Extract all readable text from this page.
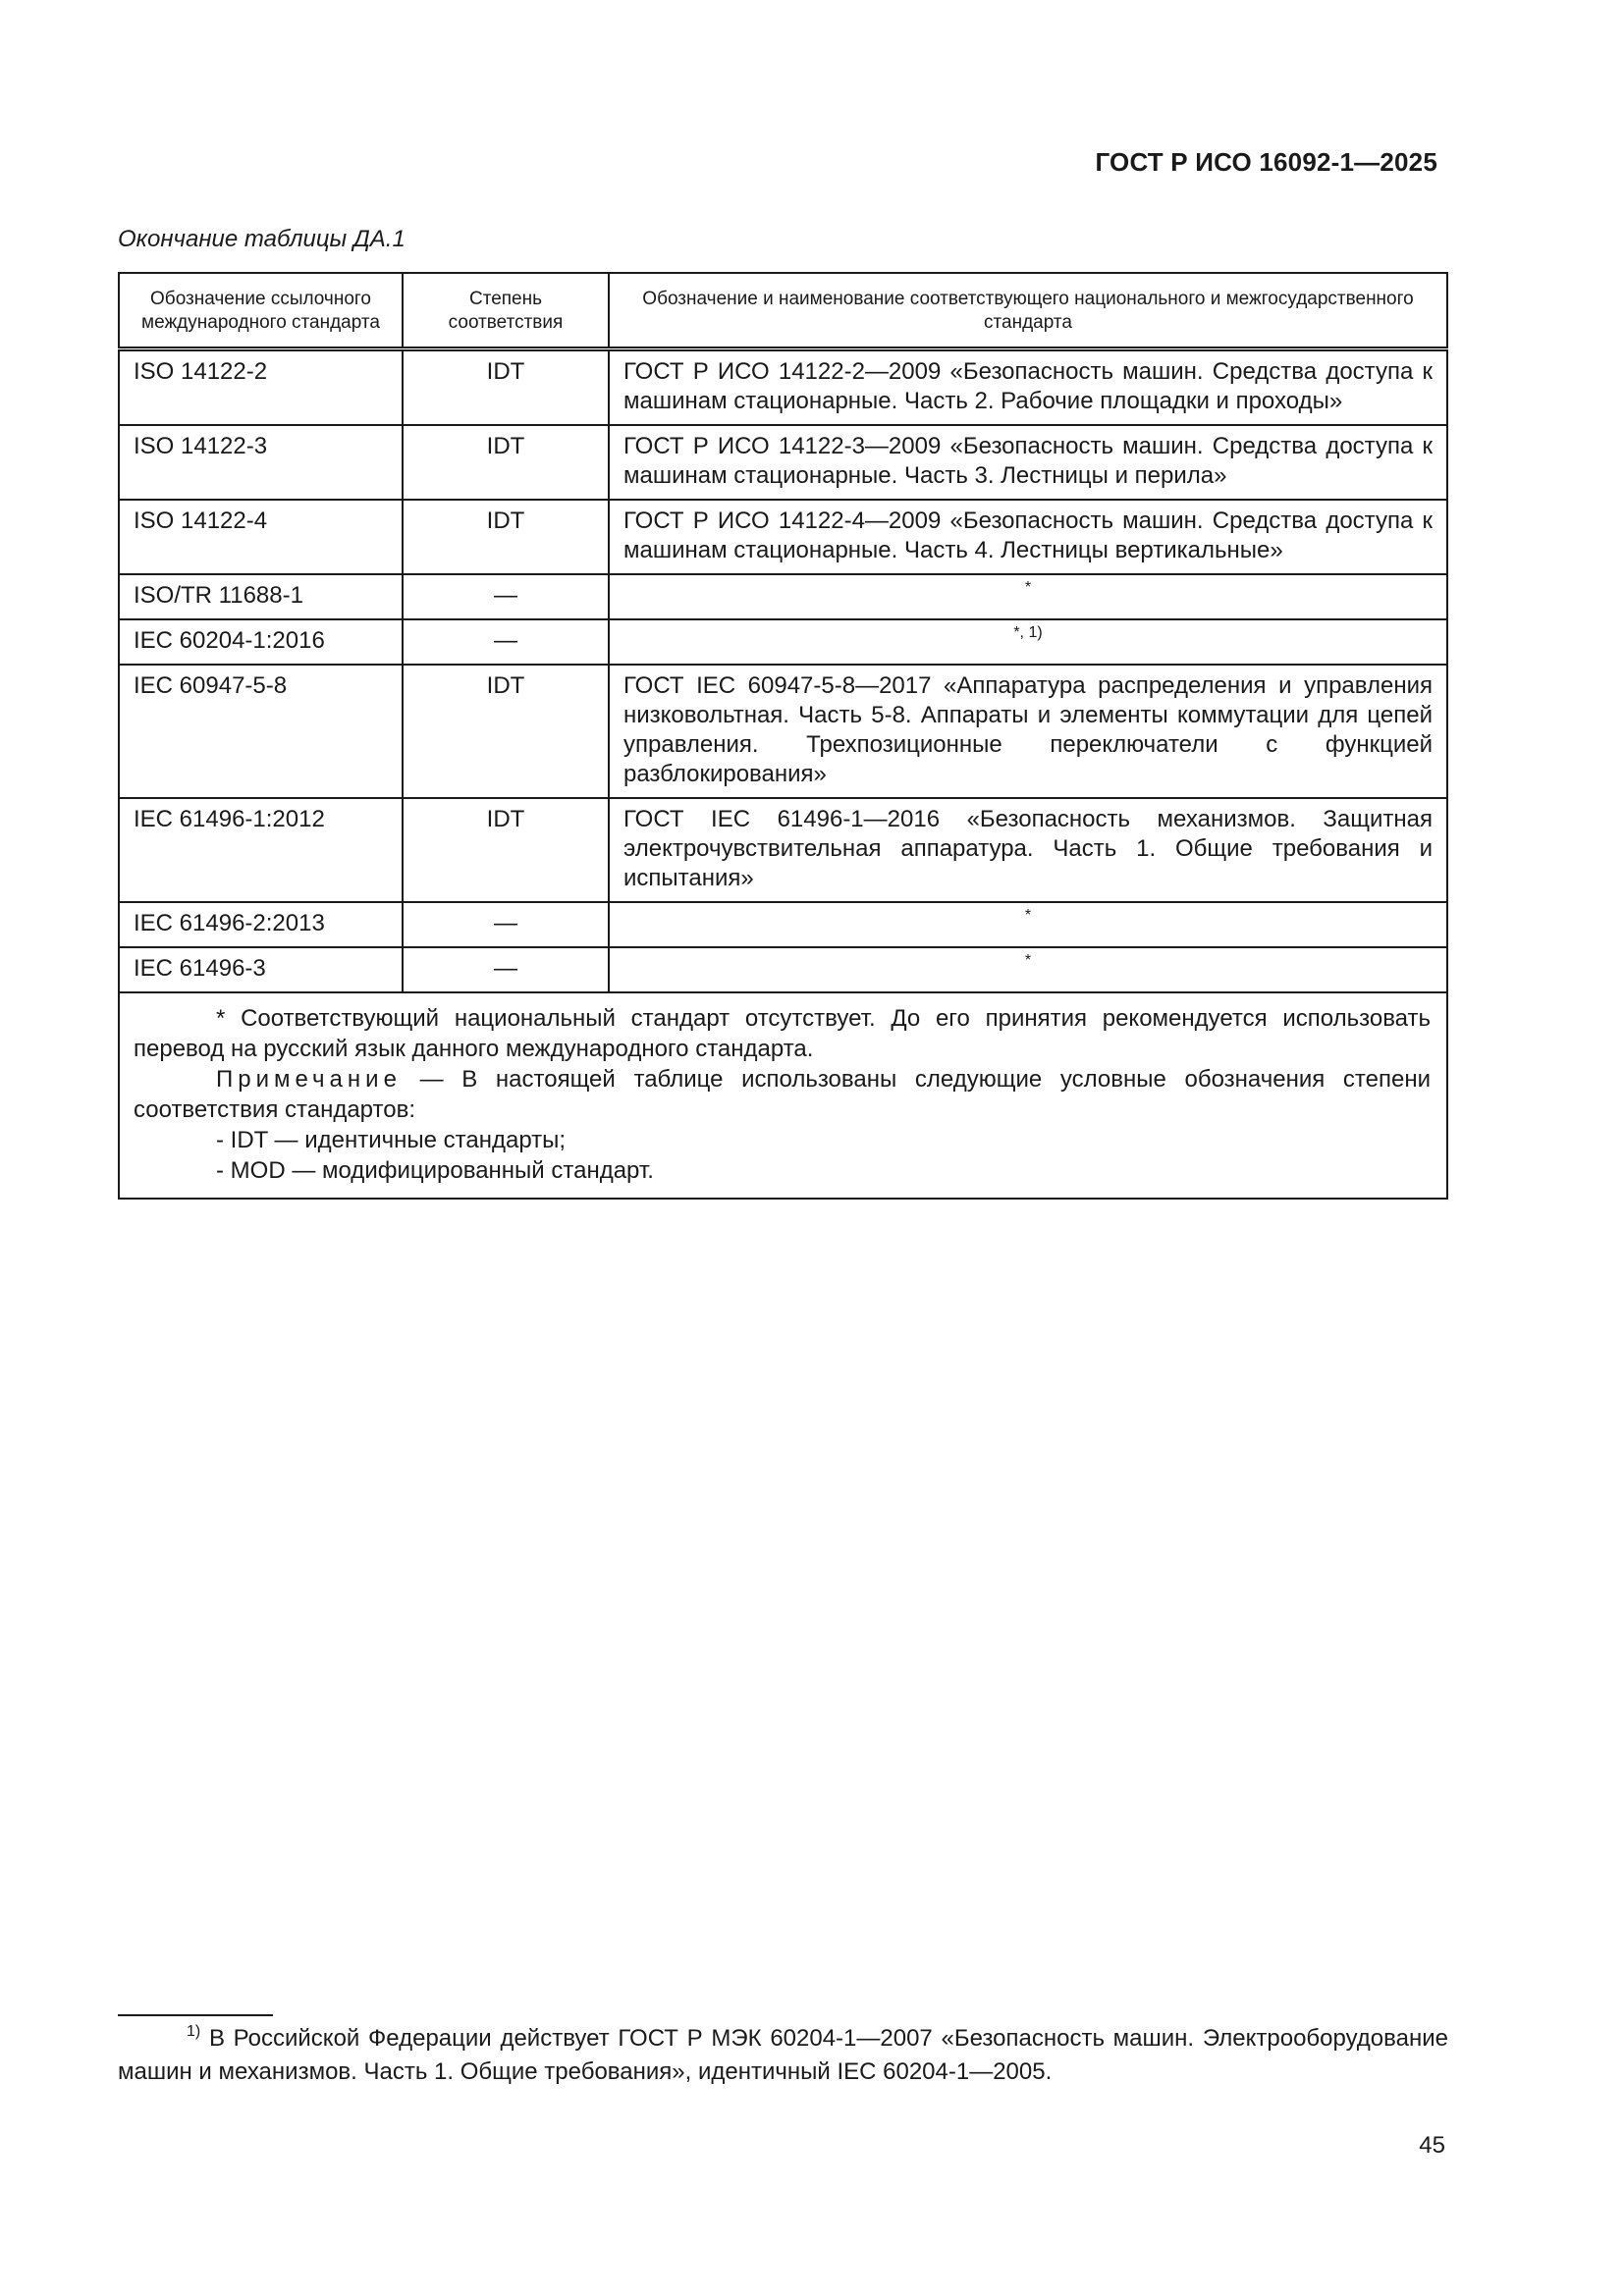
ГОСТ Р ИСО 16092-1—2025
Окончание таблицы ДА.1
Обозначение ссылочного международного стандарта	Степень соответствия	Обозначение и наименование соответствующего национального и межгосударственного стандарта
ISO 14122-2	IDT	ГОСТ Р ИСО 14122-2—2009 «Безопасность машин. Средства доступа к машинам стационарные. Часть 2. Рабочие площадки и проходы»
ISO 14122-3	IDT	ГОСТ Р ИСО 14122-3—2009 «Безопасность машин. Средства доступа к машинам стационарные. Часть 3. Лестницы и перила»
ISO 14122-4	IDT	ГОСТ Р ИСО 14122-4—2009 «Безопасность машин. Средства доступа к машинам стационарные. Часть 4. Лестницы вертикальные»
ISO/TR 11688-1	—	*
IEC 60204-1:2016	—	*, 1)
IEC 60947-5-8	IDT	ГОСТ IEC 60947-5-8—2017 «Аппаратура распределения и управления низковольтная. Часть 5-8. Аппараты и элементы коммутации для цепей управления. Трехпозиционные переключатели с функцией разблокирования»
IEC 61496-1:2012	IDT	ГОСТ IEC 61496-1—2016 «Безопасность механизмов. Защитная электрочувствительная аппаратура. Часть 1. Общие требования и испытания»
IEC 61496-2:2013	—	*
IEC 61496-3	—	*

* Соответствующий национальный стандарт отсутствует. До его принятия рекомендуется использовать перевод на русский язык данного международного стандарта.

Примечание — В настоящей таблице использованы следующие условные обозначения степени соответствия стандартов:

- IDT — идентичные стандарты;

- MOD — модифицированный стандарт.		

$^{1)}$ В Российской Федерации действует ГОСТ Р МЭК 60204-1—2007 «Безопасность машин. Электрооборудование машин и механизмов. Часть 1. Общие требования», идентичный IEC 60204-1—2005.

45
